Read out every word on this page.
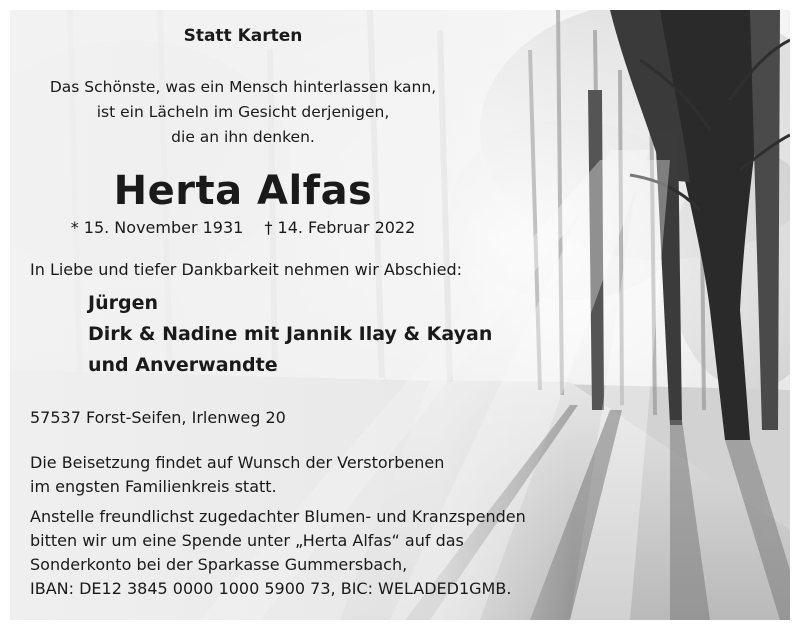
Statt Karten
Das Schönste, was ein Mensch hinterlassen kann,
ist ein Lächeln im Gesicht derjenigen,
die an ihn denken.
Herta Alfas
* 15. November 1931 † 14. Februar 2022
In Liebe und tiefer Dankbarkeit nehmen wir Abschied:
Jürgen
Dirk & Nadine mit Jannik Ilay & Kayan
und Anverwandte
57537 Forst-Seifen, Irlenweg 20
Die Beisetzung findet auf Wunsch der Verstorbenen
im engsten Familienkreis statt.
Anstelle freundlichst zugedachter Blumen- und Kranzspenden
bitten wir um eine Spende unter „Herta Alfas“ auf das
Sonderkonto bei der Sparkasse Gummersbach,
IBAN: DE12 3845 0000 1000 5900 73, BIC: WELADED1GMB.
